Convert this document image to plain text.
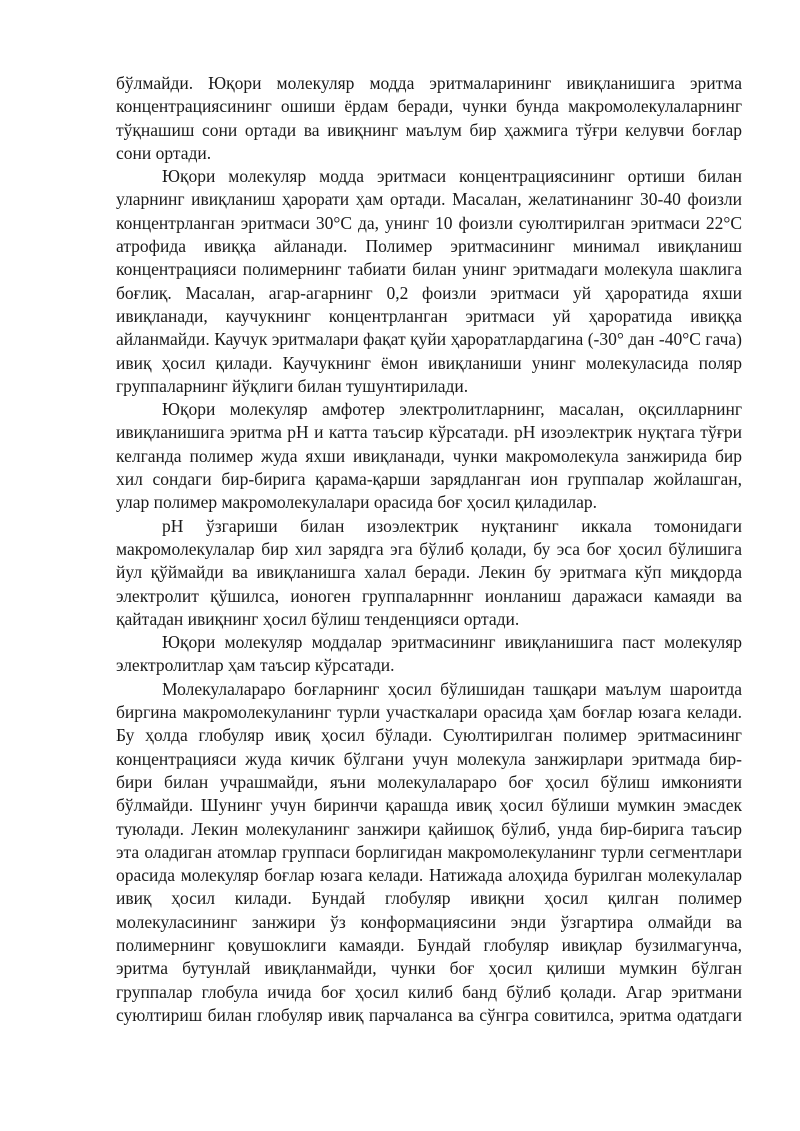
бўлмайди. Юқори молекуляр модда эритмаларининг ивиқланишига эритма концентрациясининг ошиши ёрдам беради, чунки бунда макромолекулаларнинг тўқнашиш сони ортади ва ивиқнинг маълум бир ҳажмига тўғри келувчи боғлар сони ортади.

Юқори молекуляр модда эритмаси концентрациясининг ортиши билан уларнинг ивиқланиш ҳарорати ҳам ортади. Масалан, желатинанинг 30-40 фоизли концентрланган эритмаси 30°С да, унинг 10 фоизли суюлтирилган эритмаси 22°С атрофида ивиққа айланади. Полимер эритмасининг минимал ивиқланиш концентрацияси полимернинг табиати билан унинг эритмадаги молекула шаклига боғлиқ. Масалан, агар-агарнинг 0,2 фоизли эритмаси уй ҳароратида яхши ивиқланади, каучукнинг концентрланган эритмаси уй ҳароратида ивиққа айланмайди. Каучук эритмалари фақат қуйи ҳароратлардагина (-30° дан -40°С гача) ивиқ ҳосил қилади. Каучукнинг ёмон ивиқланиши унинг молекуласида поляр группаларнинг йўқлиги билан тушунтирилади.

Юқори молекуляр амфотер электролитларнинг, масалан, оқсилларнинг ивиқланишига эритма рН и катта таъсир кўрсатади. рН изоэлектрик нуқтага тўғри келганда полимер жуда яхши ивиқланади, чунки макромолекула занжирида бир хил сондаги бир-бирига қарама-қарши зарядланган ион группалар жойлашган, улар полимер макромолекулалари орасида боғ ҳосил қиладилар.

рН ўзгариши билан изоэлектрик нуқтанинг иккала томонидаги макромолекулалар бир хил зарядга эга бўлиб қолади, бу эса боғ ҳосил бўлишига йул қўймайди ва ивиқланишга халал беради. Лекин бу эритмага кўп миқдорда электролит қўшилса, ионоген группаларнннг ионланиш даражаси камаяди ва қайтадан ивиқнинг ҳосил бўлиш тенденцияси ортади.

Юқори молекуляр моддалар эритмасининг ивиқланишига паст молекуляр электролитлар ҳам таъсир кўрсатади.

Молекулалараро боғларнинг ҳосил бўлишидан ташқари маълум шароитда биргина макромолекуланинг турли участкалари орасида ҳам боғлар юзага келади. Бу ҳолда глобуляр ивиқ ҳосил бўлади. Суюлтирилган полимер эритмасининг концентрацияси жуда кичик бўлгани учун молекула занжирлари эритмада бир-бири билан учрашмайди, яъни молекулалараро боғ ҳосил бўлиш имконияти бўлмайди. Шунинг учун биринчи қарашда ивиқ ҳосил бўлиши мумкин эмасдек туюлади. Лекин молекуланинг занжири қайишоқ бўлиб, унда бир-бирига таъсир эта оладиган атомлар группаси борлигидан макромолекуланинг турли сегментлари орасида молекуляр боғлар юзага келади. Натижада алоҳида бурилган молекулалар ивиқ ҳосил килади. Бундай глобуляр ивиқни ҳосил қилган полимер молекуласининг занжири ўз конформациясини энди ўзгартира олмайди ва полимернинг қовушоклиги камаяди. Бундай глобуляр ивиқлар бузилмагунча, эритма бутунлай ивиқланмайди, чунки боғ ҳосил қилиши мумкин бўлган группалар глобула ичида боғ ҳосил килиб банд бўлиб қолади. Агар эритмани суюлтириш билан глобуляр ивиқ парчаланса ва сўнгра совитилса, эритма одатдаги
